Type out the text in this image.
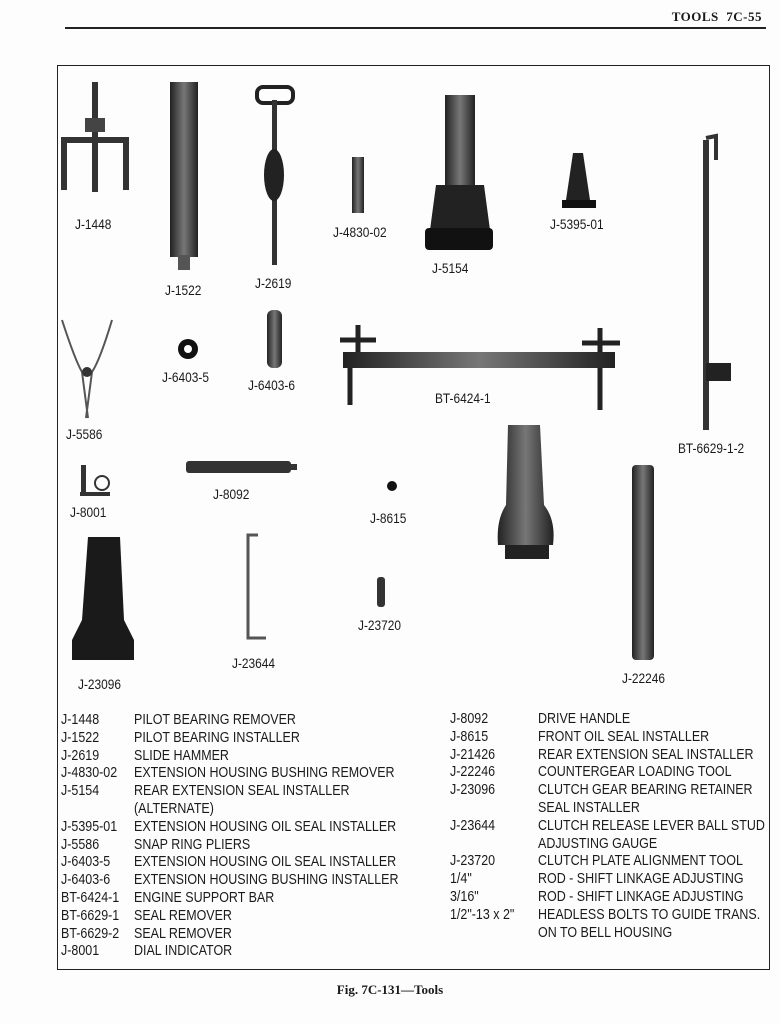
TOOLS 7C-55
J-1448
J-1522	J-2619
J-4830-02
J-5154
J-5395-01
J-6403-5	J-6403-6
BT-6424-1
J-5586
BT-6629-1-2
J-8001
J-8092
J-8615
J-23720
J-23644
J-23096	J-22246
J-1448 PILOT BEARING REMOVER
J-1522 PILOT BEARING INSTALLER
J-2619 SLIDE HAMMER
J-4830-02 EXTENSION HOUSING BUSHING REMOVER
J-5154 REAR EXTENSION SEAL INSTALLER
(ALTERNATE)
J-5395-01 EXTENSION HOUSING OIL SEAL INSTALLER
J-5586 SNAP RING PLIERS
J-6403-5 EXTENSION HOUSING OIL SEAL INSTALLER
J-6403-6 EXTENSION HOUSING BUSHING INSTALLER
BT-6424-1 ENGINE SUPPORT BAR
BT-6629-1 SEAL REMOVER
BT-6629-2 SEAL REMOVER
J-8001 DIAL INDICATOR
J-8092	DRIVE HANDLE
J-8615	FRONT OIL SEAL INSTALLER
J-21426	REAR EXTENSION SEAL INSTALLER
J-22246	COUNTERGEAR LOADING TOOL
J-23096	CLUTCH GEAR BEARING RETAINER
SEAL INSTALLER
J-23644	CLUTCH RELEASE LEVER BALL STUD
ADJUSTING GAUGE
J-23720	CLUTCH PLATE ALIGNMENT TOOL
1/4"	ROD - SHIFT LINKAGE ADJUSTING
3/16"	ROD - SHIFT LINKAGE ADJUSTING
1/2"-13 x 2" HEADLESS BOLTS TO GUIDE TRANS.
ON TO BELL HOUSING
Fig. 7C-131—Tools
